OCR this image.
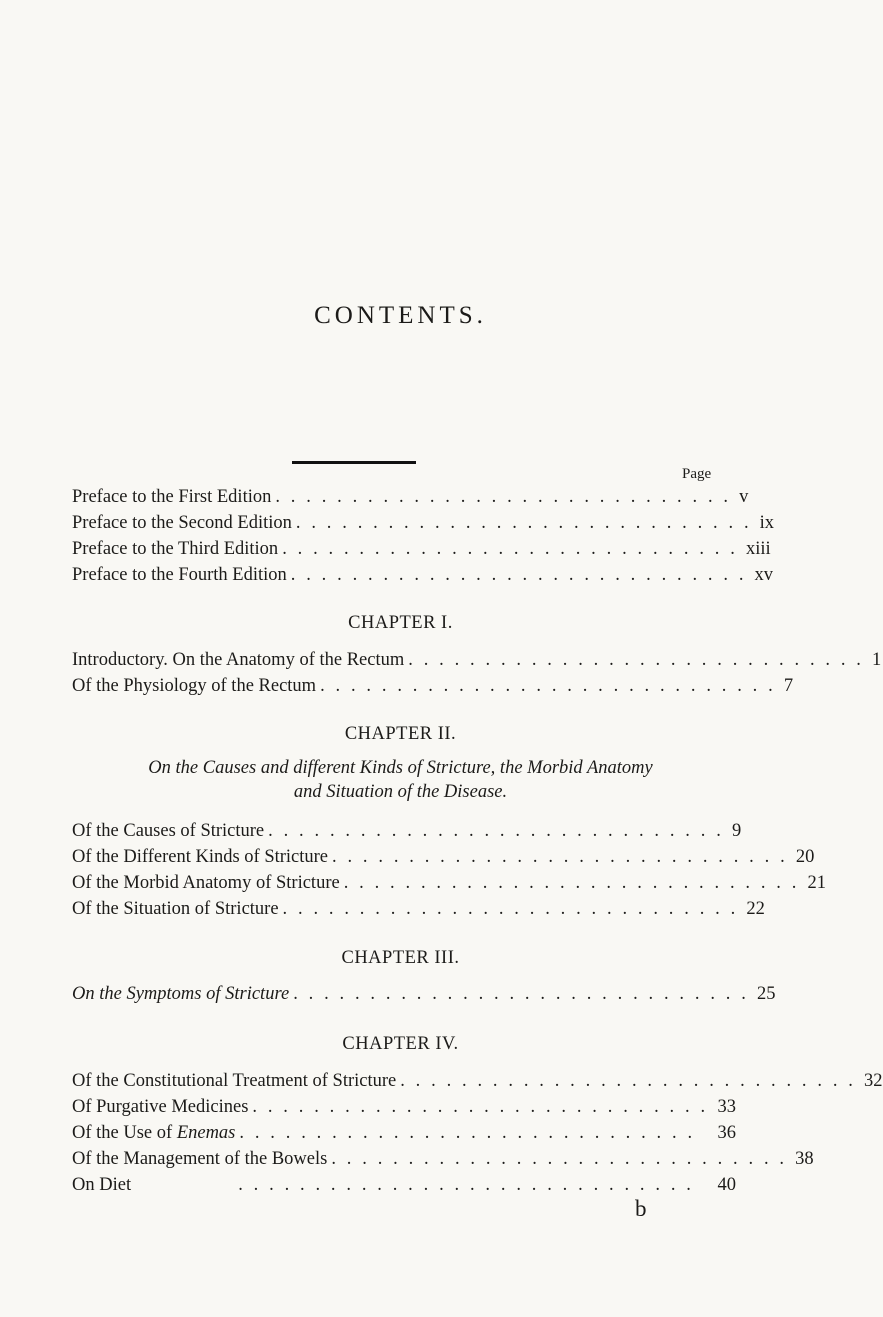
CONTENTS.
Page
Preface to the First Edition . . . . . . . . . . . . . . . . . . . . . . . . . . . . . . v
Preface to the Second Edition . . . . . . . . . . . . . . . . . . . . . . . . . . . . . . ix
Preface to the Third Edition . . . . . . . . . . . . . . . . . . . . . . . . . . . . . . xiii
Preface to the Fourth Edition . . . . . . . . . . . . . . . . . . . . . . . . . . . . . . xv
CHAPTER I.
Introductory. On the Anatomy of the Rectum . . . . . . . . . . . . . . . . . . . . . . . . . . . . . . 1
Of the Physiology of the Rectum . . . . . . . . . . . . . . . . . . . . . . . . . . . . . . 7
CHAPTER II.
On the Causes and different Kinds of Stricture, the Morbid Anatomy
and Situation of the Disease.
Of the Causes of Stricture . . . . . . . . . . . . . . . . . . . . . . . . . . . . . . 9
Of the Different Kinds of Stricture . . . . . . . . . . . . . . . . . . . . . . . . . . . . . . 20
Of the Morbid Anatomy of Stricture . . . . . . . . . . . . . . . . . . . . . . . . . . . . . . 21
Of the Situation of Stricture . . . . . . . . . . . . . . . . . . . . . . . . . . . . . . 22
CHAPTER III.
On the Symptoms of Stricture . . . . . . . . . . . . . . . . . . . . . . . . . . . . . . 25
CHAPTER IV.
Of the Constitutional Treatment of Stricture . . . . . . . . . . . . . . . . . . . . . . . . . . . . . . 32
Of Purgative Medicines . . . . . . . . . . . . . . . . . . . . . . . . . . . . . . 33
Of the Use of Enemas . . . . . . . . . . . . . . . . . . . . . . . . . . . . . .	36
Of the Management of the Bowels . . . . . . . . . . . . . . . . . . . . . . . . . . . . . . 38
On Diet	. . . . . . . . . . . . . . . . . . . . . . . . . . . . . .	40
b
